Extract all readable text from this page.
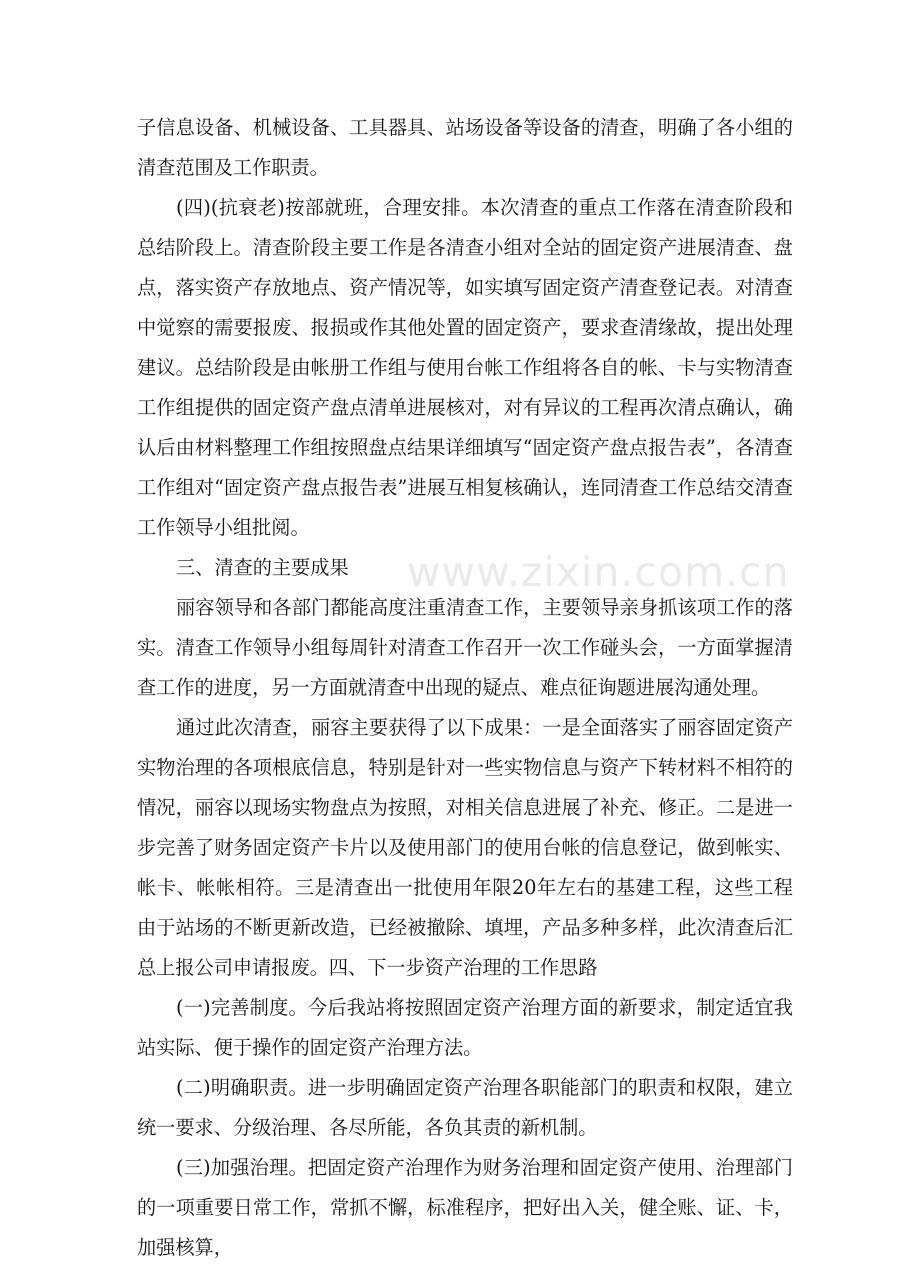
子信息设备、机械设备、工具器具、站场设备等设备的清查，明确了各小组的清查范围及工作职责。

(四)(抗衰老)按部就班，合理安排。本次清查的重点工作落在清查阶段和总结阶段上。清查阶段主要工作是各清查小组对全站的固定资产进展清查、盘点，落实资产存放地点、资产情况等，如实填写固定资产清查登记表。对清查中觉察的需要报废、报损或作其他处置的固定资产，要求查清缘故，提出处理建议。总结阶段是由帐册工作组与使用台帐工作组将各自的帐、卡与实物清查工作组提供的固定资产盘点清单进展核对，对有异议的工程再次清点确认，确认后由材料整理工作组按照盘点结果详细填写“固定资产盘点报告表”，各清查工作组对“固定资产盘点报告表”进展互相复核确认，连同清查工作总结交清查工作领导小组批阅。

三、清查的主要成果

丽容领导和各部门都能高度注重清查工作，主要领导亲身抓该项工作的落实。清查工作领导小组每周针对清查工作召开一次工作碰头会，一方面掌握清查工作的进度，另一方面就清查中出现的疑点、难点征询题进展沟通处理。

通过此次清查，丽容主要获得了以下成果：一是全面落实了丽容固定资产实物治理的各项根底信息，特别是针对一些实物信息与资产下转材料不相符的情况，丽容以现场实物盘点为按照，对相关信息进展了补充、修正。二是进一步完善了财务固定资产卡片以及使用部门的使用台帐的信息登记，做到帐实、帐卡、帐帐相符。三是清查出一批使用年限20年左右的基建工程，这些工程由于站场的不断更新改造，已经被撤除、填埋，产品多种多样，此次清查后汇总上报公司申请报废。四、下一步资产治理的工作思路

(一)完善制度。今后我站将按照固定资产治理方面的新要求，制定适宜我站实际、便于操作的固定资产治理方法。

(二)明确职责。进一步明确固定资产治理各职能部门的职责和权限，建立统一要求、分级治理、各尽所能，各负其责的新机制。

(三)加强治理。把固定资产治理作为财务治理和固定资产使用、治理部门的一项重要日常工作，常抓不懈，标准程序，把好出入关，健全账、证、卡，加强核算，

www.zixin.com.cn
